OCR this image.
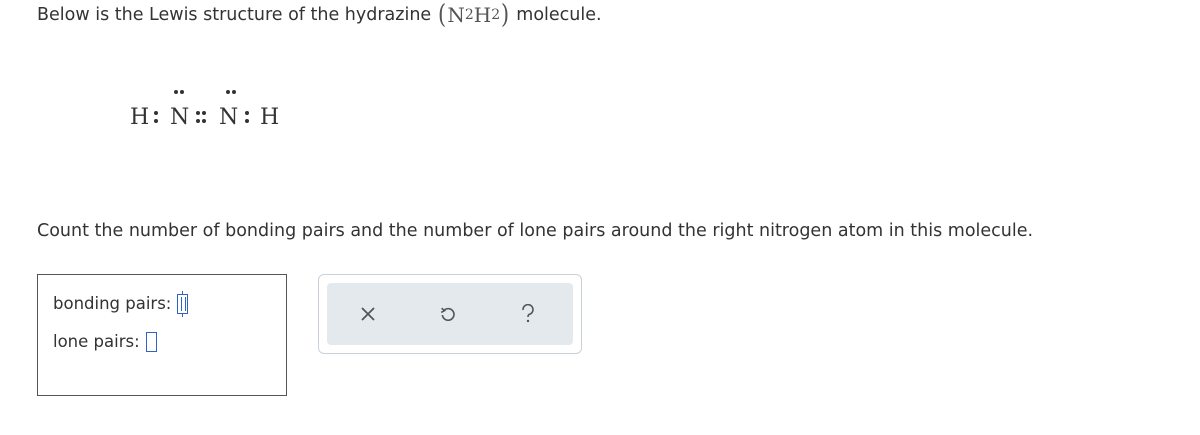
Below is the Lewis structure of the hydrazine ( N 2 H 2 ) molecule.
H N N H
Count the number of bonding pairs and the number of lone pairs around the right nitrogen atom in this molecule.
bonding pairs:
lone pairs:
